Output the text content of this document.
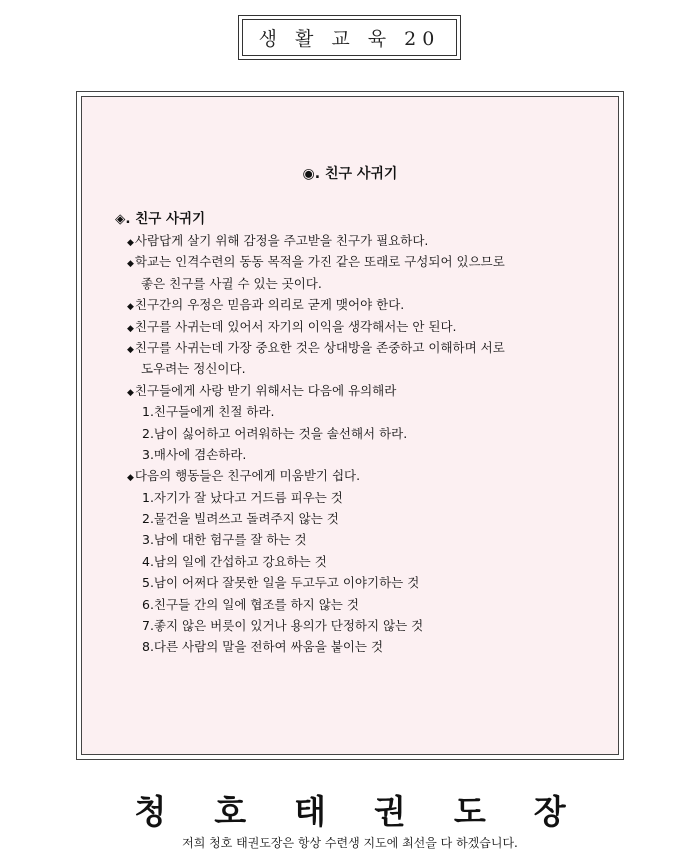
생 활 교 육 20
◉. 친구 사귀기
◈. 친구 사귀기
◆사람답게 살기 위해 감정을 주고받을 친구가 필요하다.
◆학교는 인격수련의 동동 목적을 가진 같은 또래로 구성되어 있으므로
좋은 친구를 사귈 수 있는 곳이다.
◆친구간의 우정은 믿음과 의리로 굳게 맺어야 한다.
◆친구를 사귀는데 있어서 자기의 이익을 생각해서는 안 된다.
◆친구를 사귀는데 가장 중요한 것은 상대방을 존중하고 이해하며 서로
도우려는 정신이다.
◆친구들에게 사랑 받기 위해서는 다음에 유의해라
1.친구들에게 친절 하라.
2.남이 싫어하고 어려워하는 것을 솔선해서 하라.
3.매사에 겸손하라.
◆다음의 행동들은 친구에게 미움받기 쉽다.
1.자기가 잘 났다고 거드름 피우는 것
2.물건을 빌려쓰고 돌려주지 않는 것
3.남에 대한 험구를 잘 하는 것
4.남의 일에 간섭하고 강요하는 것
5.남이 어쩌다 잘못한 일을 두고두고 이야기하는 것
6.친구들 간의 일에 협조를 하지 않는 것
7.좋지 않은 버릇이 있거나 용의가 단정하지 않는 것
8.다른 사람의 말을 전하여 싸움을 붙이는 것
청호태권도장
저희 청호 태권도장은 항상 수련생 지도에 최선을 다 하겠습니다.
